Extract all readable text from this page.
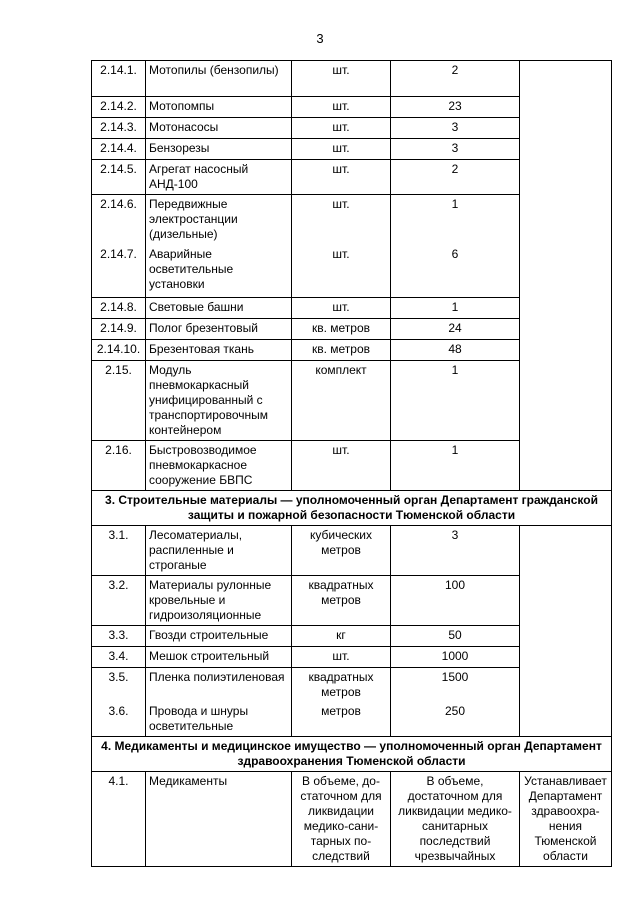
3
2.14.1.	Мотопилы (бензопилы)	шт.	2	
2.14.2.	Мотопомпы	шт.	23	
2.14.3.	Мотонасосы	шт.	3	
2.14.4.	Бензорезы	шт.	3	
2.14.5.	Агрегат насосный АНД-100	шт.	2	
2.14.6.	Передвижные электростанции (дизельные)	шт.	1	
2.14.7.	Аварийные осветительные установки	шт.	6	
2.14.8.	Световые башни	шт.	1	
2.14.9.	Полог брезентовый	кв. метров	24	
2.14.10.	Брезентовая ткань	кв. метров	48	
2.15.	Модуль пневмокаркасный унифицированный с транспортировочным контейнером	комплект	1	
2.16.	Быстровозводимое пневмокаркасное сооружение БВПС	шт.	1	
3. Строительные материалы — уполномоченный орган Департамент гражданской защиты и пожарной безопасности Тюменской области				
3.1.	Лесоматериалы, распиленные и строганые	кубических метров	3	
3.2.	Материалы рулонные кровельные и гидроизоляционные	квадратных метров	100	
3.3.	Гвозди строительные	кг	50	
3.4.	Мешок строительный	шт.	1000	
3.5.	Пленка полиэтиленовая	квадратных метров	1500	
3.6.	Провода и шнуры осветительные	метров	250	
4. Медикаменты и медицинское имущество — уполномоченный орган Департамент здравоохранения Тюменской области				
4.1.	Медикаменты	В объеме, до-статочном для ликвидации медико-сани-тарных по-следствий	В объеме, достаточном для ликвидации медико-санитарных последствий чрезвычайных	Устанавливает Департамент здравоохра-нения Тюменской области
